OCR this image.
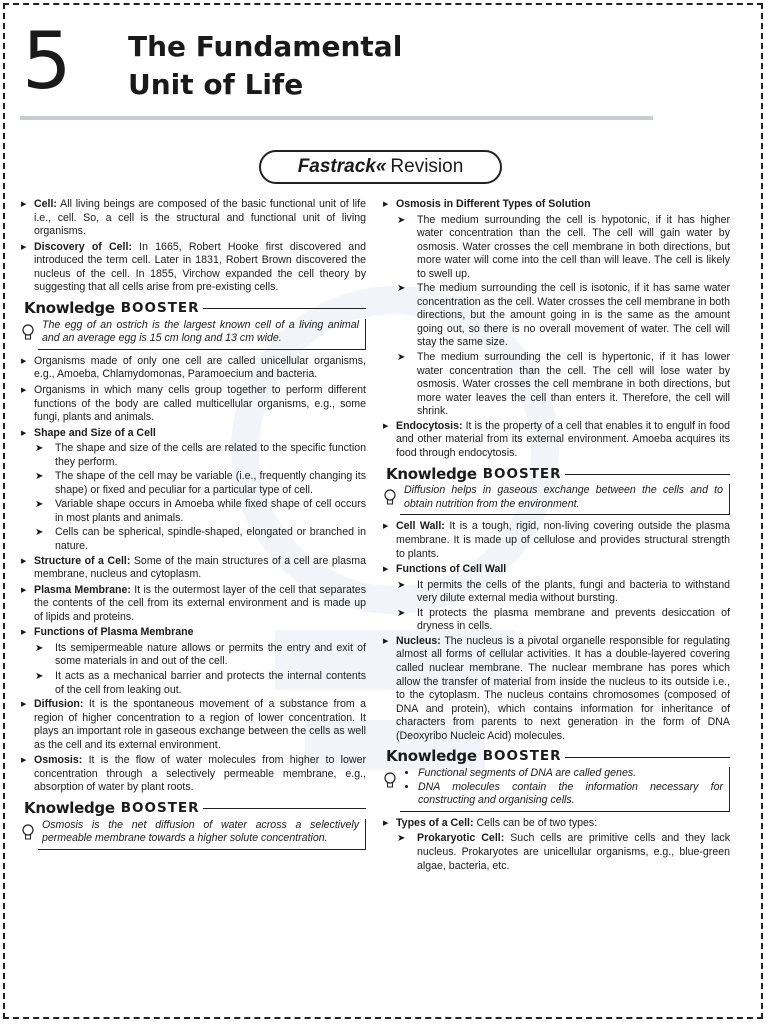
5 The Fundamental
Unit of Life
Fastrack« Revision
▶ Cell: All living beings are composed of the basic functional unit of life i.e., cell. So, a cell is the structural and functional unit of living organisms.
▶ Discovery of Cell: In 1665, Robert Hooke first discovered and introduced the term cell. Later in 1831, Robert Brown discovered the nucleus of the cell. In 1855, Virchow expanded the cell theory by suggesting that all cells arise from pre-existing cells.
Knowledge BOOSTER
The egg of an ostrich is the largest known cell of a living animal and an average egg is 15 cm long and 13 cm wide.
▶ Organisms made of only one cell are called unicellular organisms, e.g., Amoeba, Chlamydomonas, Paramoecium and bacteria.
▶ Organisms in which many cells group together to perform different functions of the body are called multicellular organisms, e.g., some fungi, plants and animals.
▶ Shape and Size of a Cell
➤ The shape and size of the cells are related to the specific function they perform.
➤ The shape of the cell may be variable (i.e., frequently changing its shape) or fixed and peculiar for a particular type of cell.
➤ Variable shape occurs in Amoeba while fixed shape of cell occurs in most plants and animals.
➤ Cells can be spherical, spindle-shaped, elongated or branched in nature.
▶ Structure of a Cell: Some of the main structures of a cell are plasma membrane, nucleus and cytoplasm.
▶ Plasma Membrane: It is the outermost layer of the cell that separates the contents of the cell from its external environment and is made up of lipids and proteins.
▶ Functions of Plasma Membrane
➤ Its semipermeable nature allows or permits the entry and exit of some materials in and out of the cell.
➤ It acts as a mechanical barrier and protects the internal contents of the cell from leaking out.
▶ Diffusion: It is the spontaneous movement of a substance from a region of higher concentration to a region of lower concentration. It plays an important role in gaseous exchange between the cells as well as the cell and its external environment.
▶ Osmosis: It is the flow of water molecules from higher to lower concentration through a selectively permeable membrane, e.g., absorption of water by plant roots.
Knowledge BOOSTER
Osmosis is the net diffusion of water across a selectively permeable membrane towards a higher solute concentration.
▶ Osmosis in Different Types of Solution
➤ The medium surrounding the cell is hypotonic, if it has higher water concentration than the cell. The cell will gain water by osmosis. Water crosses the cell membrane in both directions, but more water will come into the cell than will leave. The cell is likely to swell up.
➤ The medium surrounding the cell is isotonic, if it has same water concentration as the cell. Water crosses the cell membrane in both directions, but the amount going in is the same as the amount going out, so there is no overall movement of water. The cell will stay the same size.
➤ The medium surrounding the cell is hypertonic, if it has lower water concentration than the cell. The cell will lose water by osmosis. Water crosses the cell membrane in both directions, but more water leaves the cell than enters it. Therefore, the cell will shrink.
▶ Endocytosis: It is the property of a cell that enables it to engulf in food and other material from its external environment. Amoeba acquires its food through endocytosis.
Knowledge BOOSTER
Diffusion helps in gaseous exchange between the cells and to obtain nutrition from the environment.
▶ Cell Wall: It is a tough, rigid, non-living covering outside the plasma membrane. It is made up of cellulose and provides structural strength to plants.
▶ Functions of Cell Wall
➤ It permits the cells of the plants, fungi and bacteria to withstand very dilute external media without bursting.
➤ It protects the plasma membrane and prevents desiccation of dryness in cells.
▶ Nucleus: The nucleus is a pivotal organelle responsible for regulating almost all forms of cellular activities. It has a double-layered covering called nuclear membrane. The nuclear membrane has pores which allow the transfer of material from inside the nucleus to its outside i.e., to the cytoplasm. The nucleus contains chromosomes (composed of DNA and protein), which contains information for inheritance of characters from parents to next generation in the form of DNA (Deoxyribo Nucleic Acid) molecules.
Knowledge BOOSTER
• Functional segments of DNA are called genes.
• DNA molecules contain the information necessary for constructing and organising cells.
▶ Types of a Cell: Cells can be of two types:
➤ Prokaryotic Cell: Such cells are primitive cells and they lack nucleus. Prokaryotes are unicellular organisms, e.g., blue-green algae, bacteria, etc.
